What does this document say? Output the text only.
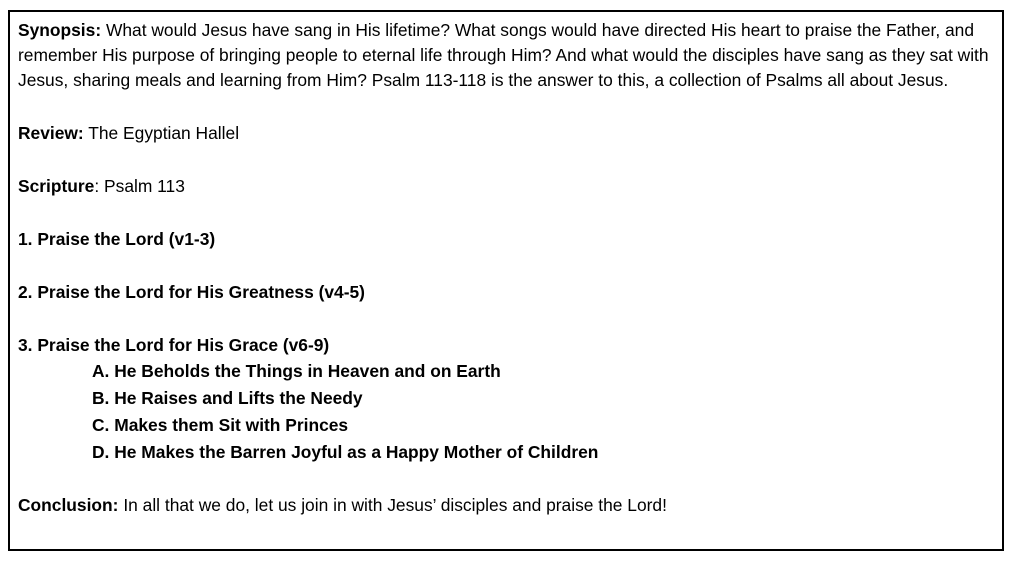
Synopsis: What would Jesus have sang in His lifetime? What songs would have directed His heart to praise the Father, and remember His purpose of bringing people to eternal life through Him? And what would the disciples have sang as they sat with Jesus, sharing meals and learning from Him? Psalm 113-118 is the answer to this, a collection of Psalms all about Jesus.

Review: The Egyptian Hallel

Scripture: Psalm 113

1. Praise the Lord (v1-3)

2. Praise the Lord for His Greatness (v4-5)

3. Praise the Lord for His Grace (v6-9)

A. He Beholds the Things in Heaven and on Earth
B. He Raises and Lifts the Needy
C. Makes them Sit with Princes
D. He Makes the Barren Joyful as a Happy Mother of Children

Conclusion: In all that we do, let us join in with Jesus’ disciples and praise the Lord!
